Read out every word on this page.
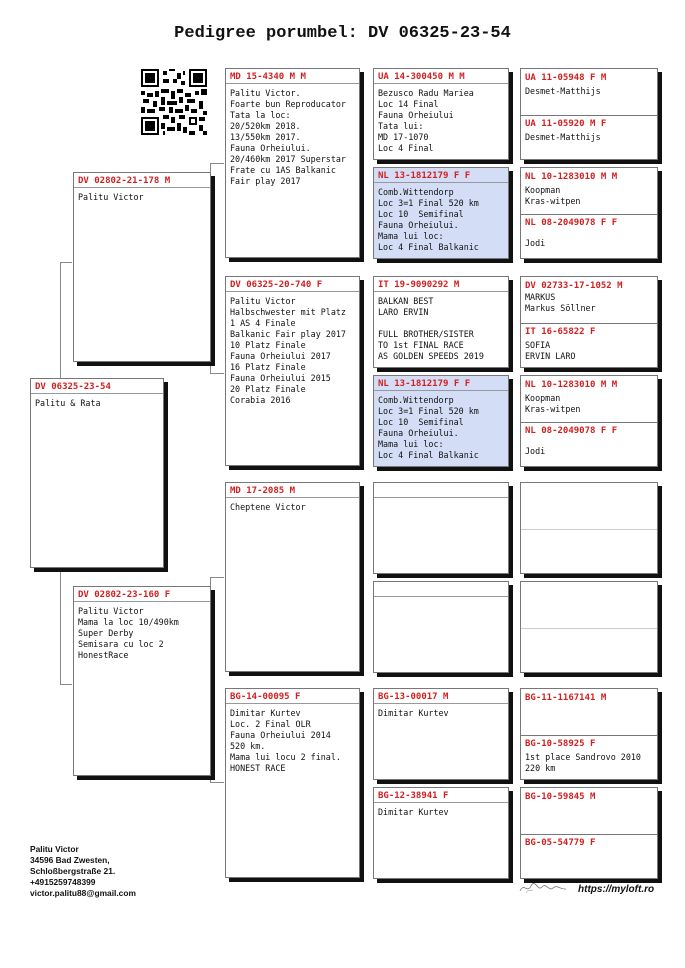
Pedigree porumbel: DV 06325-23-54
DV 06325-23-54
Palitu & Rata
DV 02802-21-178 M
Palitu Victor
DV 02802-23-160 F
Palitu Victor
Mama la loc 10/490km
Super Derby
Semisara cu loc 2
HonestRace
MD 15-4340 M M
Palitu Victor.
Foarte bun Reproducator
Tata la loc:
20/520km 2018.
13/550km 2017.
Fauna Orheiului.
20/460km 2017 Superstar
Frate cu 1AS Balkanic
Fair play 2017
DV 06325-20-740 F
Palitu Victor
Halbschwester mit Platz
1 AS 4 Finale
Balkanic Fair play 2017
10 Platz Finale
Fauna Orheiului 2017
16 Platz Finale
Fauna Orheiului 2015
20 Platz Finale
Corabia 2016
MD 17-2085 M
Cheptene Victor
BG-14-00095 F
Dimitar Kurtev
Loc. 2 Final OLR
Fauna Orheiului 2014
520 km.
Mama lui locu 2 final.
HONEST RACE
UA 14-300450 M M
Bezusco Radu Mariea
Loc 14 Final
Fauna Orheiului
Tata lui:
MD 17-1070
Loc 4 Final
NL 13-1812179 F F
Comb.Wittendorp
Loc 3=1 Final 520 km
Loc 10  Semifinal
Fauna Orheiului.
Mama lui loc:
Loc 4 Final Balkanic
IT 19-9090292 M
BALKAN BEST
LARO ERVIN

FULL BROTHER/SISTER
TO 1st FINAL RACE
AS GOLDEN SPEEDS 2019
NL 13-1812179 F F
Comb.Wittendorp
Loc 3=1 Final 520 km
Loc 10  Semifinal
Fauna Orheiului.
Mama lui loc:
Loc 4 Final Balkanic
BG-13-00017 M
Dimitar Kurtev
BG-12-38941 F
Dimitar Kurtev
UA 11-05948 F M
Desmet-Matthijs
UA 11-05920 M F
Desmet-Matthijs
NL 10-1283010 M M
Koopman
Kras-witpen
NL 08-2049078 F F
Jodi
DV 02733-17-1052 M
MARKUS
Markus Söllner
IT 16-65822 F
SOFIA
ERVIN LARO
NL 10-1283010 M M
Koopman
Kras-witpen
NL 08-2049078 F F
Jodi
BG-11-1167141 M
BG-10-58925 F
1st place Sandrovo 2010
220 km
BG-10-59845 M
BG-05-54779 F
Palitu Victor
34596 Bad Zwesten,
Schloßbergstraße 21.
+4915259748399
victor.palitu88@gmail.com	https://myloft.ro
